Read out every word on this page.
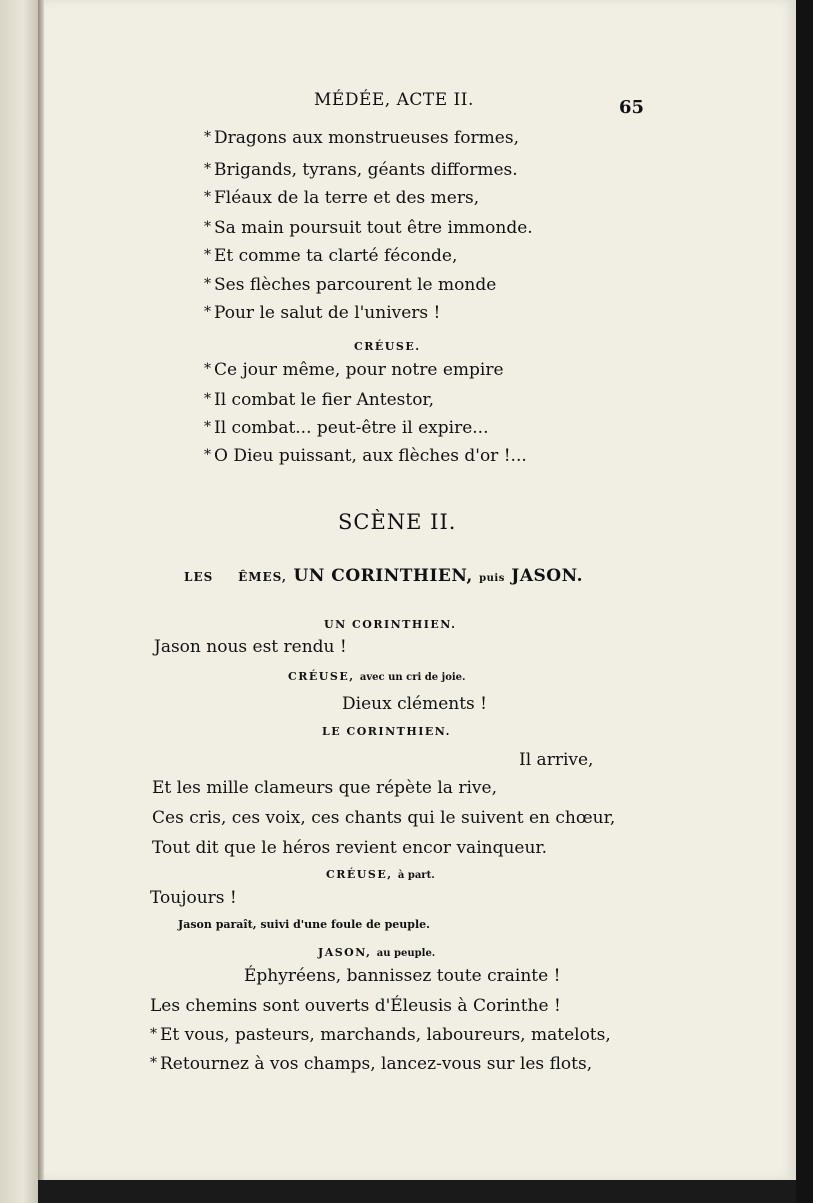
MÉDÉE, ACTE II.	65
* Dragons aux monstrueuses formes,
* Brigands, tyrans, géants difformes.
* Fléaux de la terre et des mers,
* Sa main poursuit tout être immonde.
* Et comme ta clarté féconde,
* Ses flèches parcourent le monde
* Pour le salut de l'univers !
CRÉUSE.
* Ce jour même, pour notre empire
* Il combat le fier Antestor,
* Il combat... peut-être il expire...
* O Dieu puissant, aux flèches d'or !...
SCÈNE II.
LES ÊMES, UN CORINTHIEN, puis JASON.
UN CORINTHIEN.
Jason nous est rendu !
CRÉUSE, avec un cri de joie.
Dieux cléments !
LE CORINTHIEN.
Il arrive,
Et les mille clameurs que répète la rive,
Ces cris, ces voix, ces chants qui le suivent en chœur,
Tout dit que le héros revient encor vainqueur.
CRÉUSE, à part.
Toujours !
Jason paraît, suivi d'une foule de peuple.
JASON, au peuple.
Éphyréens, bannissez toute crainte !
Les chemins sont ouverts d'Éleusis à Corinthe !
* Et vous, pasteurs, marchands, laboureurs, matelots,
* Retournez à vos champs, lancez-vous sur les flots,
